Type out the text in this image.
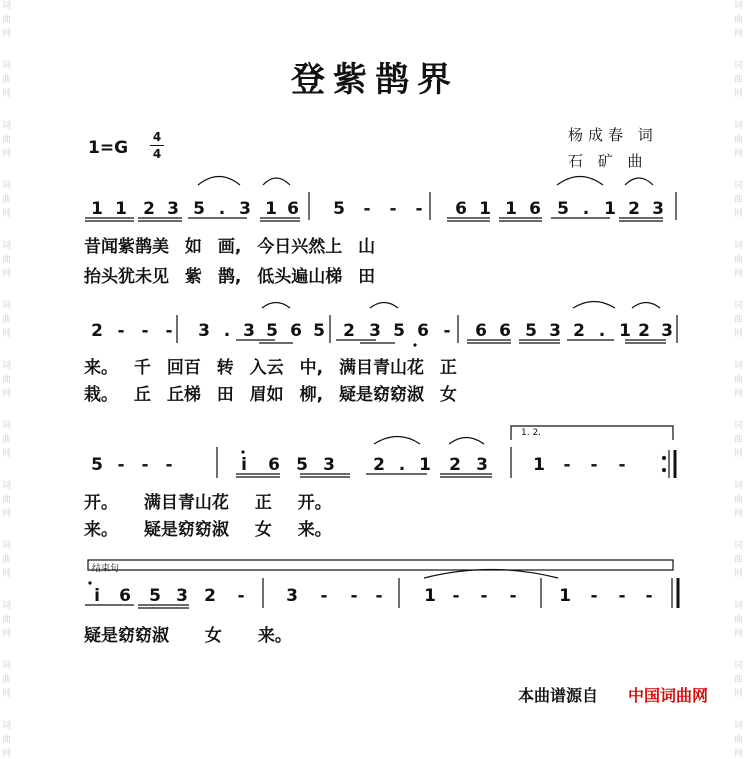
词
曲
网
词
曲
网
词
曲
网
词
曲
网
词
曲
网
词
曲
网
词
曲
网
词
曲
网
词
曲
网
词
曲
网
词
曲
网
词
曲
网
词
曲
网
词
曲
网
词
曲
网
词
曲
网
词
曲
网
词
曲
网
词
曲
网
词
曲
网
词
曲
网
词
曲
网
词
曲
网
词
曲
网
词
曲
网
词
曲
网
登紫鹊界
1=G
4
4
杨成春 词
石 矿 曲
1 1 2 3 5 . 3 1 6 5	-	-	-	6 1 1 6 5 . 1 2 3
2 - - -	3 . 3 5 6 5 2 3 5 6 -	6 6 5 3 2 . 1 2 3
5 - - -	i	6 5 3 2 . 1 2 3	1	-	-	-
i	6 5 3 2	-	3	-	-	-	1 -	-	-	1	-	-	-
昔闻紫鹊美 如 画, 今日兴然上 山
抬头犹未见 紫 鹊, 低头遍山梯 田
来。 千 回百 转 入云 中, 满目青山花 正
栽。 丘 丘梯 田 眉如 柳, 疑是窈窈淑 女
开。 满目青山花 正 开。
来。 疑是窈窈淑 女 来。
疑是窈窈淑 女 来。
1. 2.
结束句
本曲谱源自 中国词曲网
